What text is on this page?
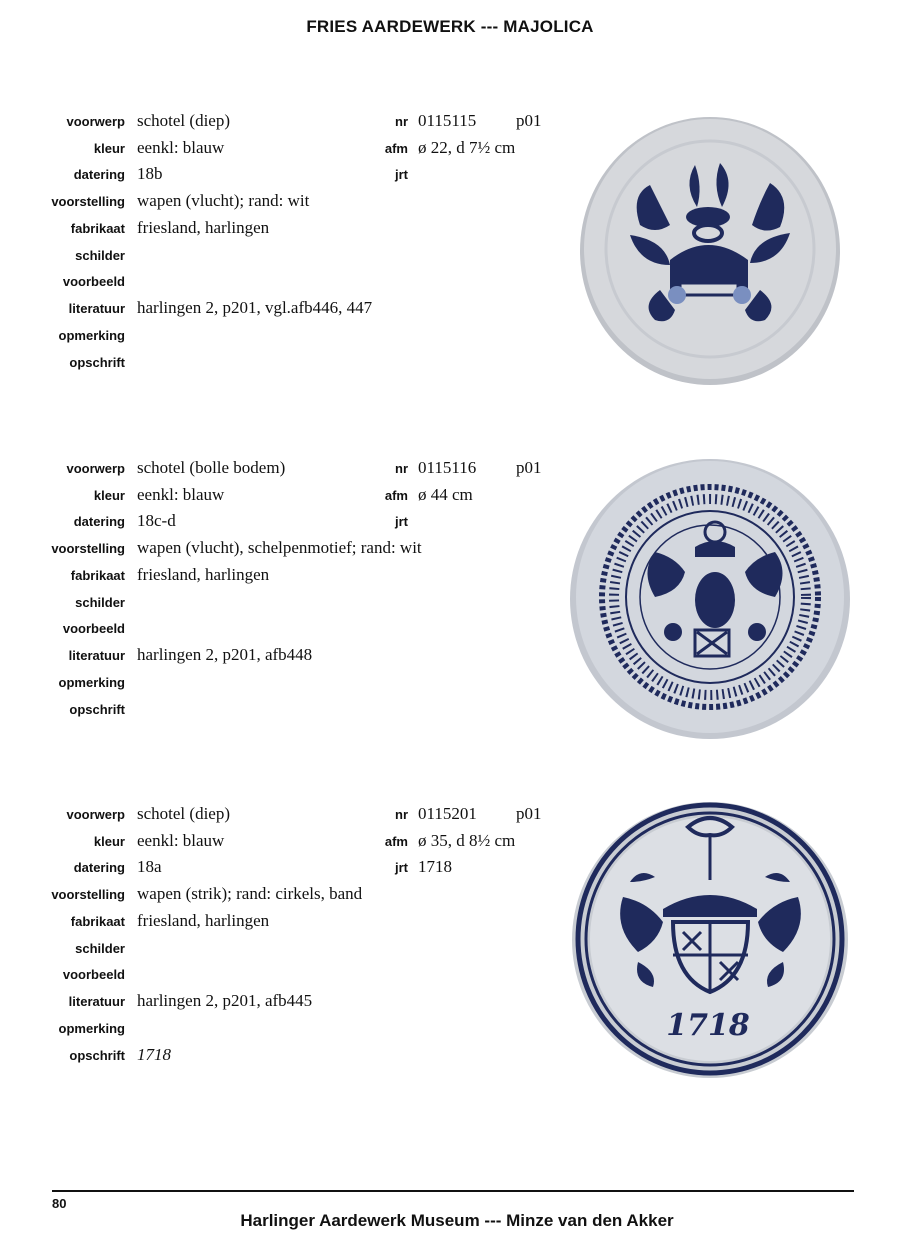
FRIES AARDEWERK --- MAJOLICA
voorwerp schotel (diep)
kleur eenkl: blauw
datering 18b
voorstelling wapen (vlucht); rand: wit
fabrikaat friesland, harlingen
schilder
voorbeeld
literatuur harlingen 2, p201, vgl.afb446, 447
opmerking
opschrift
nr 0115115 p01
afm ø 22, d 7½ cm
jrt
voorwerp schotel (bolle bodem)
kleur eenkl: blauw
datering 18c-d
voorstelling wapen (vlucht), schelpenmotief; rand: wit
fabrikaat friesland, harlingen
schilder
voorbeeld
literatuur harlingen 2, p201, afb448
opmerking
opschrift
nr 0115116 p01
afm ø 44 cm
jrt
voorwerp schotel (diep)
kleur eenkl: blauw
datering 18a
voorstelling wapen (strik); rand: cirkels, band
fabrikaat friesland, harlingen
schilder
voorbeeld
literatuur harlingen 2, p201, afb445
opmerking
opschrift 1718
nr 0115201 p01
afm ø 35, d 8½ cm
jrt 1718
1718
80
Harlinger Aardewerk Museum --- Minze van den Akker
